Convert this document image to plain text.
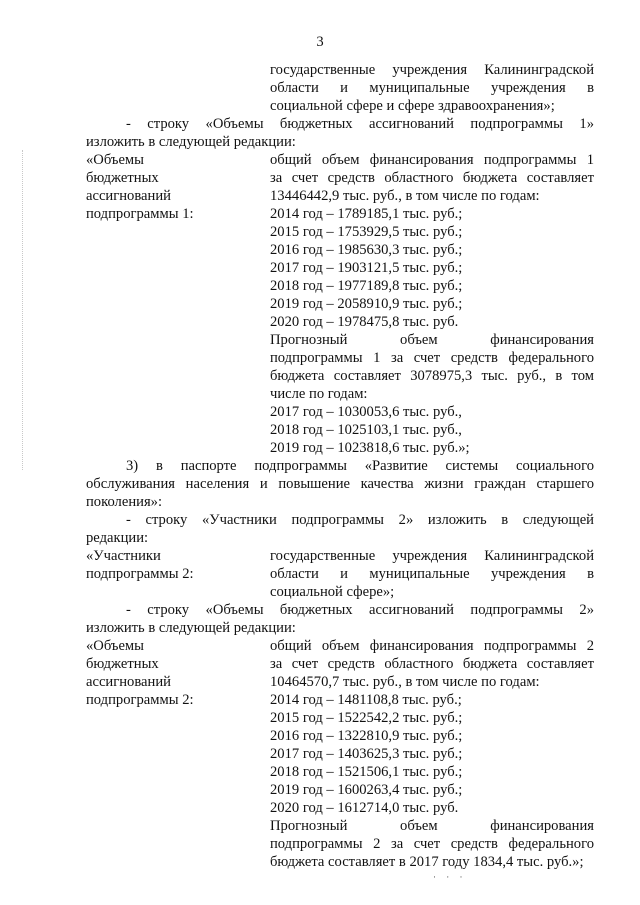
3
государственные учреждения Калининградской
области и муниципальные учреждения в
социальной сфере и сфере здравоохранения»;
- строку «Объемы бюджетных ассигнований подпрограммы 1»
изложить в следующей редакции:
«Объемы
бюджетных
ассигнований
подпрограммы 1:
общий объем финансирования подпрограммы 1
за счет средств областного бюджета составляет
13446442,9 тыс. руб., в том числе по годам:
2014 год – 1789185,1 тыс. руб.;
2015 год – 1753929,5 тыс. руб.;
2016 год – 1985630,3 тыс. руб.;
2017 год – 1903121,5 тыс. руб.;
2018 год – 1977189,8 тыс. руб.;
2019 год – 2058910,9 тыс. руб.;
2020 год – 1978475,8 тыс. руб.
Прогнозный объем финансирования
подпрограммы 1 за счет средств федерального
бюджета составляет 3078975,3 тыс. руб., в том
числе по годам:
2017 год – 1030053,6 тыс. руб.,
2018 год – 1025103,1 тыс. руб.,
2019 год – 1023818,6 тыс. руб.»;
3) в паспорте подпрограммы «Развитие системы социального
обслуживания населения и повышение качества жизни граждан старшего
поколения»:
- строку «Участники подпрограммы 2» изложить в следующей
редакции:
«Участники
подпрограммы 2:
государственные учреждения Калининградской
области и муниципальные учреждения в
социальной сфере»;
- строку «Объемы бюджетных ассигнований подпрограммы 2»
изложить в следующей редакции:
«Объемы
бюджетных
ассигнований
подпрограммы 2:
общий объем финансирования подпрограммы 2
за счет средств областного бюджета составляет
10464570,7 тыс. руб., в том числе по годам:
2014 год – 1481108,8 тыс. руб.;
2015 год – 1522542,2 тыс. руб.;
2016 год – 1322810,9 тыс. руб.;
2017 год – 1403625,3 тыс. руб.;
2018 год – 1521506,1 тыс. руб.;
2019 год – 1600263,4 тыс. руб.;
2020 год – 1612714,0 тыс. руб.
Прогнозный объем финансирования
подпрограммы 2 за счет средств федерального
бюджета составляет в 2017 году 1834,4 тыс. руб.»;
· · ·
